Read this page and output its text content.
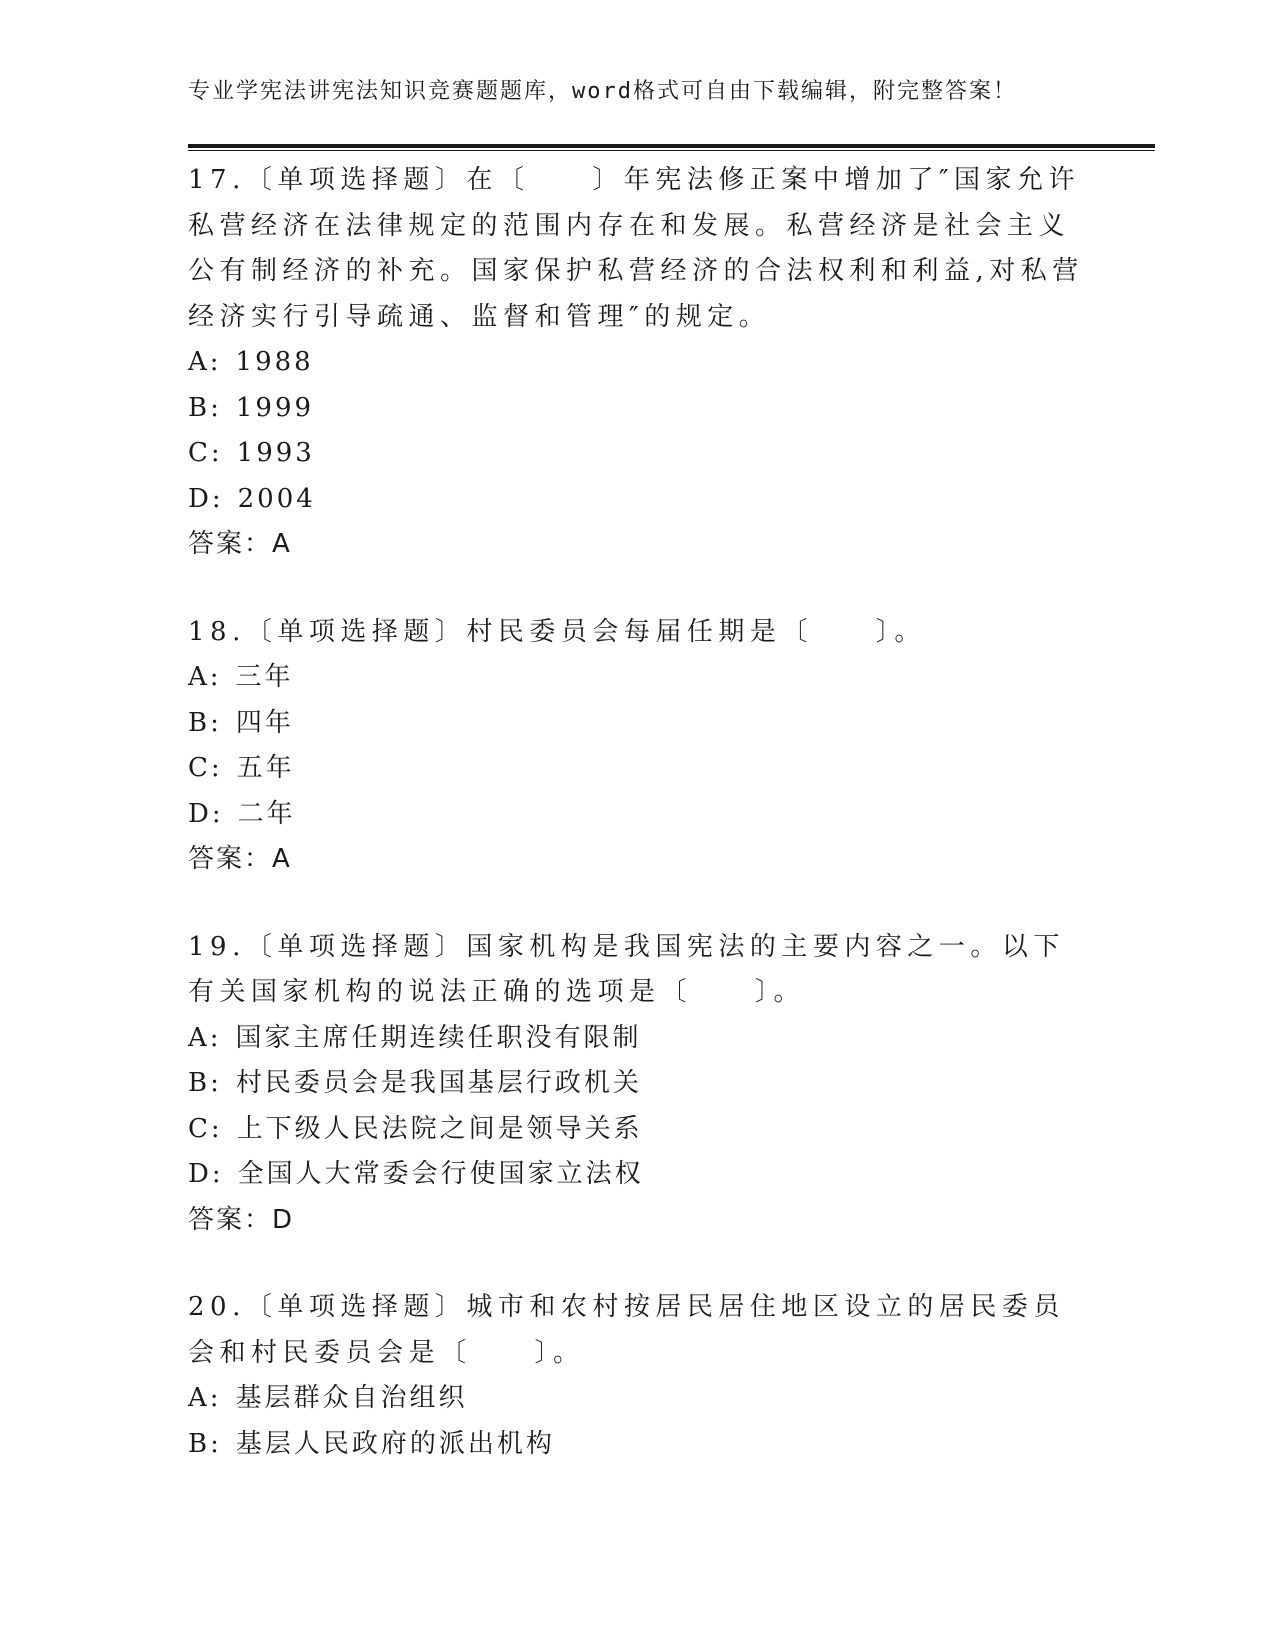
专业学宪法讲宪法知识竞赛题题库，word格式可自由下载编辑，附完整答案！

17.〔单项选择题〕在〔　　〕年宪法修正案中增加了″国家允许私营经济在法律规定的范围内存在和发展。私营经济是社会主义公有制经济的补充。国家保护私营经济的合法权利和利益,对私营经济实行引导疏通、监督和管理″的规定。

A: 1988
B: 1999
C: 1993
D: 2004
答案：A

18.〔单项选择题〕村民委员会每届任期是〔　　〕。

A: 三年
B: 四年
C: 五年
D: 二年
答案：A

19.〔单项选择题〕国家机构是我国宪法的主要内容之一。以下有关国家机构的说法正确的选项是〔　　〕。

A: 国家主席任期连续任职没有限制
B: 村民委员会是我国基层行政机关
C: 上下级人民法院之间是领导关系
D: 全国人大常委会行使国家立法权
答案：D

20.〔单项选择题〕城市和农村按居民居住地区设立的居民委员会和村民委员会是〔　　〕。

A: 基层群众自治组织
B: 基层人民政府的派出机构
